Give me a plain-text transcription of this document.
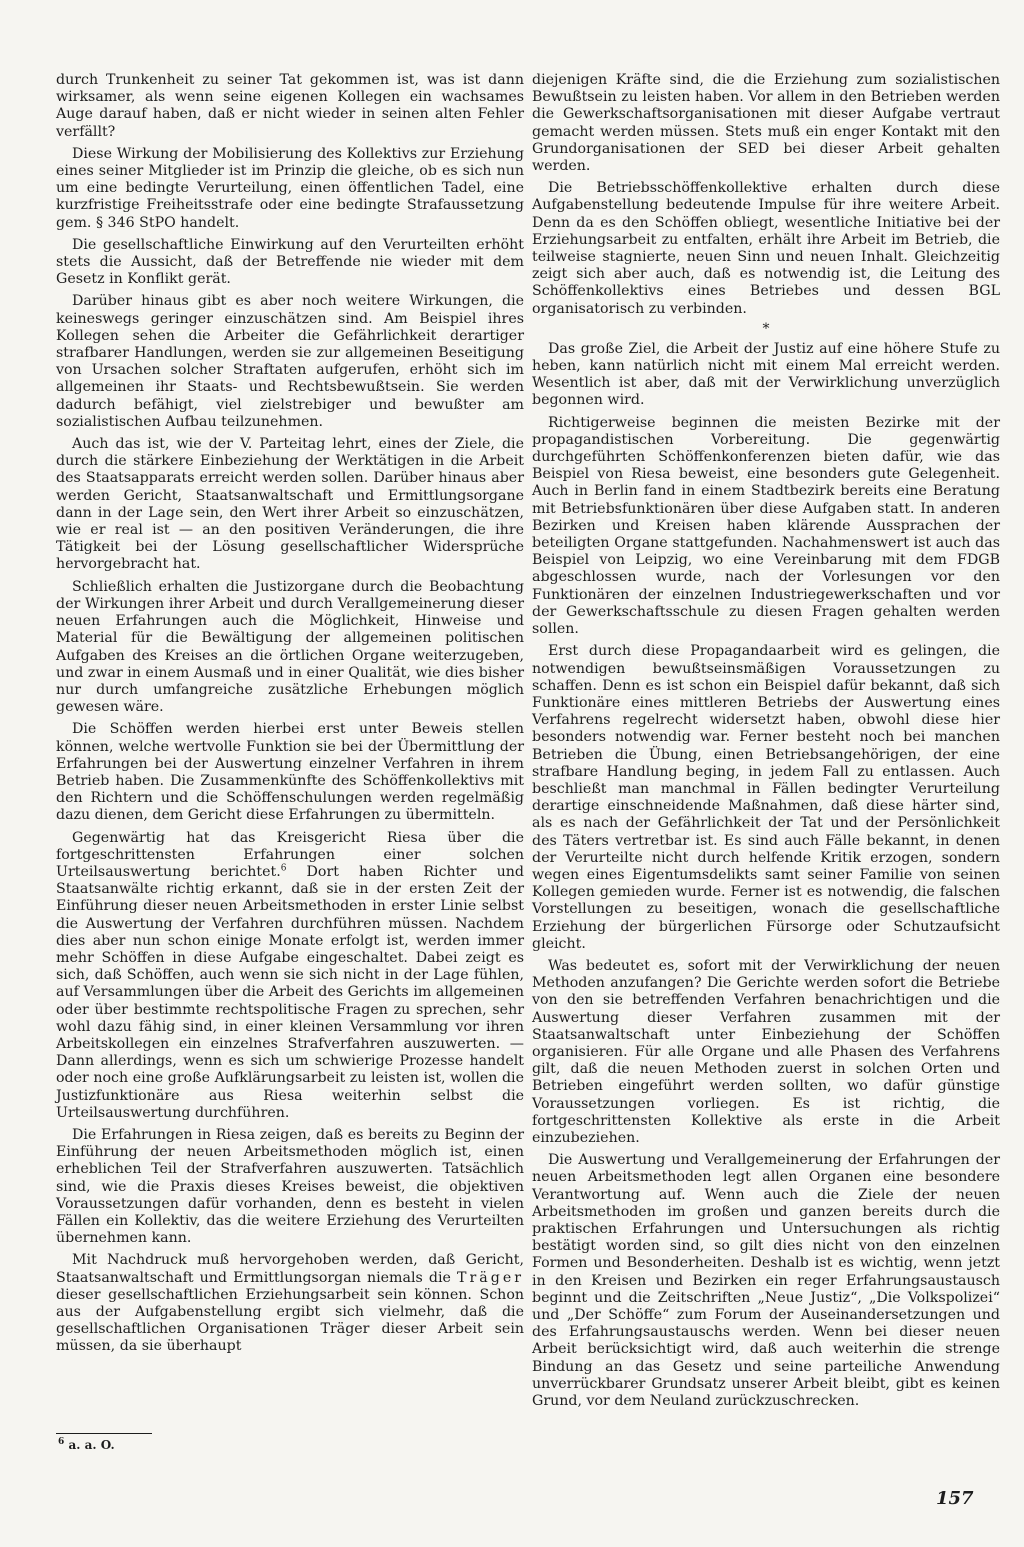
durch Trunkenheit zu seiner Tat gekommen ist, was ist dann wirksamer, als wenn seine eigenen Kollegen ein wachsames Auge darauf haben, daß er nicht wieder in seinen alten Fehler verfällt?

Diese Wirkung der Mobilisierung des Kollektivs zur Erziehung eines seiner Mitglieder ist im Prinzip die gleiche, ob es sich nun um eine bedingte Verurteilung, einen öffentlichen Tadel, eine kurzfristige Freiheitsstrafe oder eine bedingte Strafaussetzung gem. § 346 StPO handelt.

Die gesellschaftliche Einwirkung auf den Verurteilten erhöht stets die Aussicht, daß der Betreffende nie wieder mit dem Gesetz in Konflikt gerät.

Darüber hinaus gibt es aber noch weitere Wirkungen, die keineswegs geringer einzuschätzen sind. Am Beispiel ihres Kollegen sehen die Arbeiter die Gefährlichkeit derartiger strafbarer Handlungen, werden sie zur allgemeinen Beseitigung von Ursachen solcher Straftaten aufgerufen, erhöht sich im allgemeinen ihr Staats- und Rechtsbewußtsein. Sie werden dadurch befähigt, viel zielstrebiger und bewußter am sozialistischen Aufbau teilzunehmen.

Auch das ist, wie der V. Parteitag lehrt, eines der Ziele, die durch die stärkere Einbeziehung der Werktätigen in die Arbeit des Staatsapparats erreicht werden sollen. Darüber hinaus aber werden Gericht, Staatsanwaltschaft und Ermittlungsorgane dann in der Lage sein, den Wert ihrer Arbeit so einzuschätzen, wie er real ist — an den positiven Veränderungen, die ihre Tätigkeit bei der Lösung gesellschaftlicher Widersprüche hervorgebracht hat.

Schließlich erhalten die Justizorgane durch die Beobachtung der Wirkungen ihrer Arbeit und durch Verallgemeinerung dieser neuen Erfahrungen auch die Möglichkeit, Hinweise und Material für die Bewältigung der allgemeinen politischen Aufgaben des Kreises an die örtlichen Organe weiterzugeben, und zwar in einem Ausmaß und in einer Qualität, wie dies bisher nur durch umfangreiche zusätzliche Erhebungen möglich gewesen wäre.

Die Schöffen werden hierbei erst unter Beweis stellen können, welche wertvolle Funktion sie bei der Übermittlung der Erfahrungen bei der Auswertung einzelner Verfahren in ihrem Betrieb haben. Die Zusammenkünfte des Schöffenkollektivs mit den Richtern und die Schöffenschulungen werden regelmäßig dazu dienen, dem Gericht diese Erfahrungen zu übermitteln.

Gegenwärtig hat das Kreisgericht Riesa über die fortgeschrittensten Erfahrungen einer solchen Urteilsauswertung berichtet.$^6$ Dort haben Richter und Staatsanwälte richtig erkannt, daß sie in der ersten Zeit der Einführung dieser neuen Arbeitsmethoden in erster Linie selbst die Auswertung der Verfahren durchführen müssen. Nachdem dies aber nun schon einige Monate erfolgt ist, werden immer mehr Schöffen in diese Aufgabe eingeschaltet. Dabei zeigt es sich, daß Schöffen, auch wenn sie sich nicht in der Lage fühlen, auf Versammlungen über die Arbeit des Gerichts im allgemeinen oder über bestimmte rechtspolitische Fragen zu sprechen, sehr wohl dazu fähig sind, in einer kleinen Versammlung vor ihren Arbeitskollegen ein einzelnes Strafverfahren auszuwerten. — Dann allerdings, wenn es sich um schwierige Prozesse handelt oder noch eine große Aufklärungsarbeit zu leisten ist, wollen die Justizfunktionäre aus Riesa weiterhin selbst die Urteilsauswertung durchführen.

Die Erfahrungen in Riesa zeigen, daß es bereits zu Beginn der Einführung der neuen Arbeitsmethoden möglich ist, einen erheblichen Teil der Strafverfahren auszuwerten. Tatsächlich sind, wie die Praxis dieses Kreises beweist, die objektiven Voraussetzungen dafür vorhanden, denn es besteht in vielen Fällen ein Kollektiv, das die weitere Erziehung des Verurteilten übernehmen kann.

Mit Nachdruck muß hervorgehoben werden, daß Gericht, Staatsanwaltschaft und Ermittlungsorgan niemals die Träger dieser gesellschaftlichen Erziehungsarbeit sein können. Schon aus der Aufgabenstellung ergibt sich vielmehr, daß die gesellschaftlichen Organisationen Träger dieser Arbeit sein müssen, da sie überhaupt

diejenigen Kräfte sind, die die Erziehung zum sozialistischen Bewußtsein zu leisten haben. Vor allem in den Betrieben werden die Gewerkschaftsorganisationen mit dieser Aufgabe vertraut gemacht werden müssen. Stets muß ein enger Kontakt mit den Grundorganisationen der SED bei dieser Arbeit gehalten werden.

Die Betriebsschöffenkollektive erhalten durch diese Aufgabenstellung bedeutende Impulse für ihre weitere Arbeit. Denn da es den Schöffen obliegt, wesentliche Initiative bei der Erziehungsarbeit zu entfalten, erhält ihre Arbeit im Betrieb, die teilweise stagnierte, neuen Sinn und neuen Inhalt. Gleichzeitig zeigt sich aber auch, daß es notwendig ist, die Leitung des Schöffenkollektivs eines Betriebes und dessen BGL organisatorisch zu verbinden.

*

Das große Ziel, die Arbeit der Justiz auf eine höhere Stufe zu heben, kann natürlich nicht mit einem Mal erreicht werden. Wesentlich ist aber, daß mit der Verwirklichung unverzüglich begonnen wird.

Richtigerweise beginnen die meisten Bezirke mit der propagandistischen Vorbereitung. Die gegenwärtig durchgeführten Schöffenkonferenzen bieten dafür, wie das Beispiel von Riesa beweist, eine besonders gute Gelegenheit. Auch in Berlin fand in einem Stadtbezirk bereits eine Beratung mit Betriebsfunktionären über diese Aufgaben statt. In anderen Bezirken und Kreisen haben klärende Aussprachen der beteiligten Organe stattgefunden. Nachahmenswert ist auch das Beispiel von Leipzig, wo eine Vereinbarung mit dem FDGB abgeschlossen wurde, nach der Vorlesungen vor den Funktionären der einzelnen Industriegewerkschaften und vor der Gewerkschaftsschule zu diesen Fragen gehalten werden sollen.

Erst durch diese Propagandaarbeit wird es gelingen, die notwendigen bewußtseinsmäßigen Voraussetzungen zu schaffen. Denn es ist schon ein Beispiel dafür bekannt, daß sich Funktionäre eines mittleren Betriebs der Auswertung eines Verfahrens regelrecht widersetzt haben, obwohl diese hier besonders notwendig war. Ferner besteht noch bei manchen Betrieben die Übung, einen Betriebsangehörigen, der eine strafbare Handlung beging, in jedem Fall zu entlassen. Auch beschließt man manchmal in Fällen bedingter Verurteilung derartige einschneidende Maßnahmen, daß diese härter sind, als es nach der Gefährlichkeit der Tat und der Persönlichkeit des Täters vertretbar ist. Es sind auch Fälle bekannt, in denen der Verurteilte nicht durch helfende Kritik erzogen, sondern wegen eines Eigentumsdelikts samt seiner Familie von seinen Kollegen gemieden wurde. Ferner ist es notwendig, die falschen Vorstellungen zu beseitigen, wonach die gesellschaftliche Erziehung der bürgerlichen Fürsorge oder Schutzaufsicht gleicht.

Was bedeutet es, sofort mit der Verwirklichung der neuen Methoden anzufangen? Die Gerichte werden sofort die Betriebe von den sie betreffenden Verfahren benachrichtigen und die Auswertung dieser Verfahren zusammen mit der Staatsanwaltschaft unter Einbeziehung der Schöffen organisieren. Für alle Organe und alle Phasen des Verfahrens gilt, daß die neuen Methoden zuerst in solchen Orten und Betrieben eingeführt werden sollten, wo dafür günstige Voraussetzungen vorliegen. Es ist richtig, die fortgeschrittensten Kollektive als erste in die Arbeit einzubeziehen.

Die Auswertung und Verallgemeinerung der Erfahrungen der neuen Arbeitsmethoden legt allen Organen eine besondere Verantwortung auf. Wenn auch die Ziele der neuen Arbeitsmethoden im großen und ganzen bereits durch die praktischen Erfahrungen und Untersuchungen als richtig bestätigt worden sind, so gilt dies nicht von den einzelnen Formen und Besonderheiten. Deshalb ist es wichtig, wenn jetzt in den Kreisen und Bezirken ein reger Erfahrungsaustausch beginnt und die Zeitschriften „Neue Justiz“, „Die Volkspolizei“ und „Der Schöffe“ zum Forum der Auseinandersetzungen und des Erfahrungsaustauschs werden. Wenn bei dieser neuen Arbeit berücksichtigt wird, daß auch weiterhin die strenge Bindung an das Gesetz und seine parteiliche Anwendung unverrückbarer Grundsatz unserer Arbeit bleibt, gibt es keinen Grund, vor dem Neuland zurückzuschrecken.

$^6$ a. a. O.
157
